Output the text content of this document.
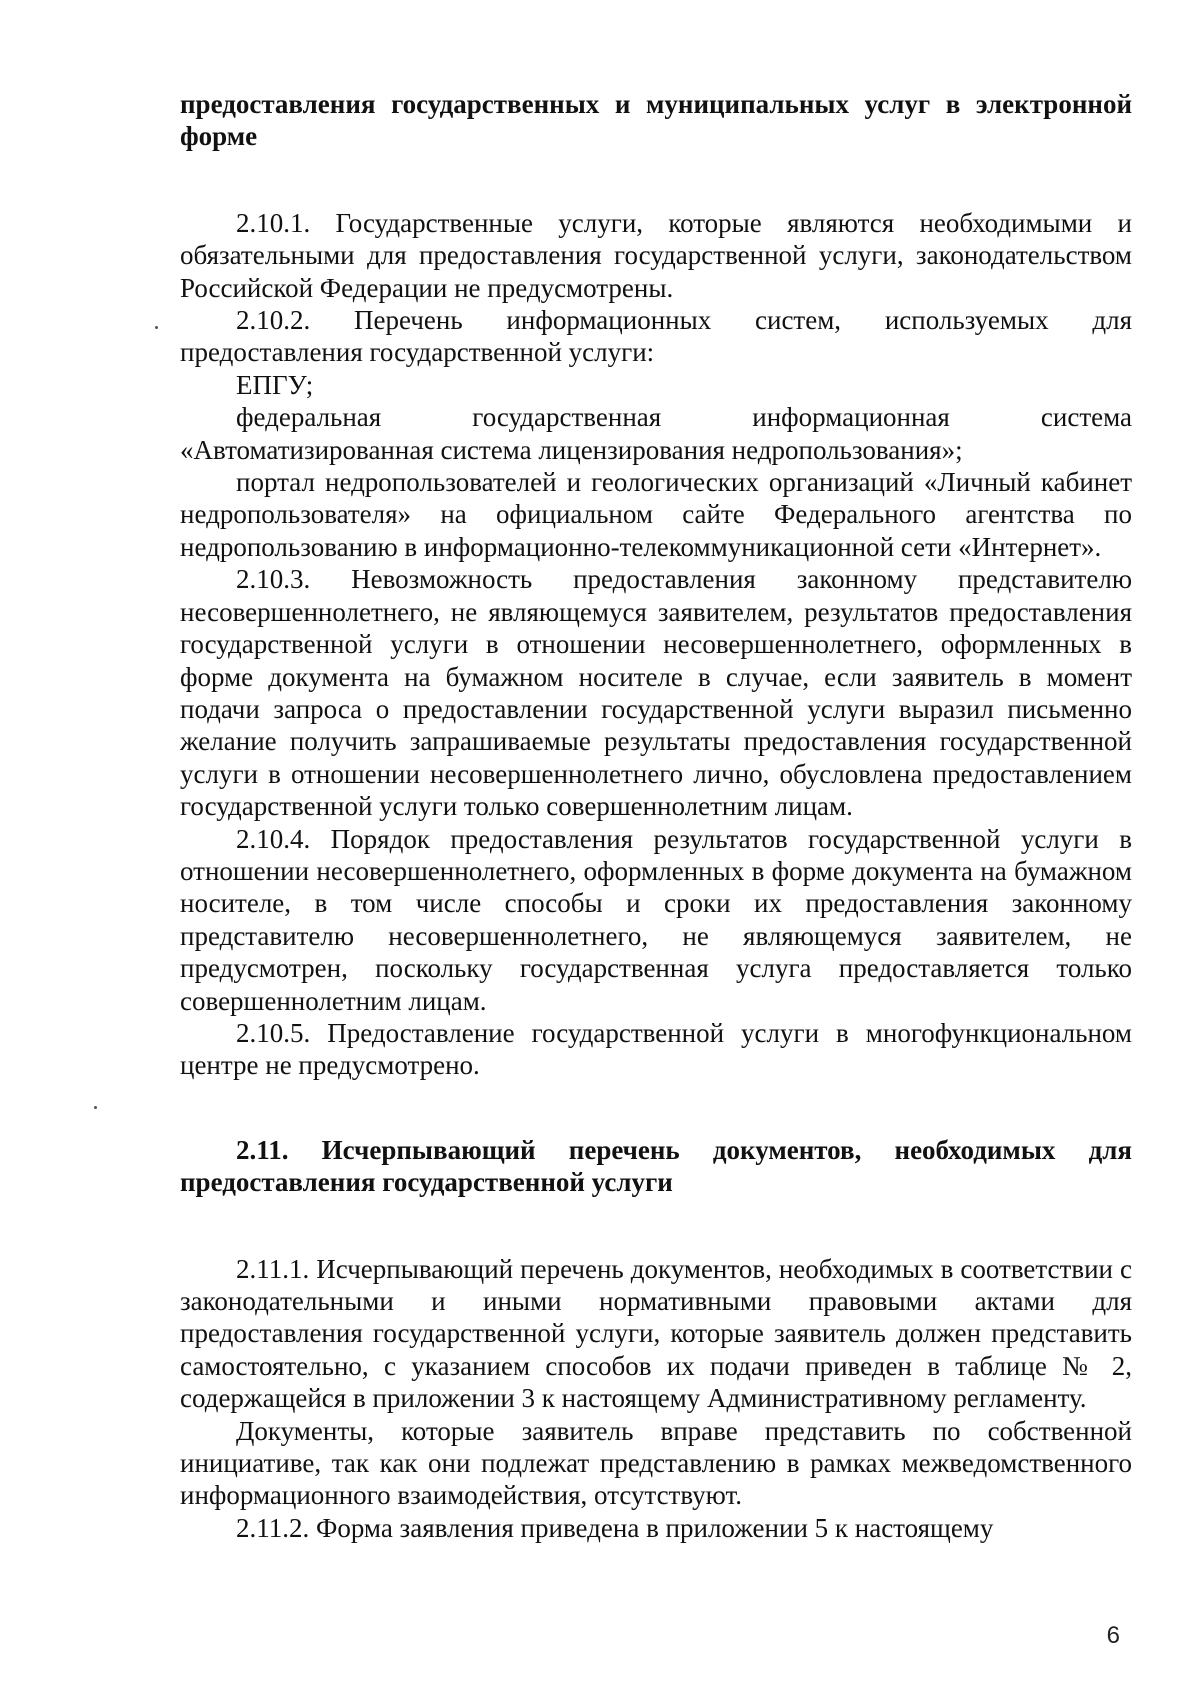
предоставления государственных и муниципальных услуг в электронной форме

2.10.1. Государственные услуги, которые являются необходимыми и обязательными для предоставления государственной услуги, законодательством Российской Федерации не предусмотрены.

2.10.2. Перечень информационных систем, используемых для предоставления государственной услуги:

ЕПГУ;

федеральная государственная информационная система «Автоматизированная система лицензирования недропользования»;

портал недропользователей и геологических организаций «Личный кабинет недропользователя» на официальном сайте Федерального агентства по недропользованию в информационно-телекоммуникационной сети «Интернет».

2.10.3. Невозможность предоставления законному представителю несовершеннолетнего, не являющемуся заявителем, результатов предоставления государственной услуги в отношении несовершеннолетнего, оформленных в форме документа на бумажном носителе в случае, если заявитель в момент подачи запроса о предоставлении государственной услуги выразил письменно желание получить запрашиваемые результаты предоставления государственной услуги в отношении несовершеннолетнего лично, обусловлена предоставлением государственной услуги только совершеннолетним лицам.

2.10.4. Порядок предоставления результатов государственной услуги в отношении несовершеннолетнего, оформленных в форме документа на бумажном носителе, в том числе способы и сроки их предоставления законному представителю несовершеннолетнего, не являющемуся заявителем, не предусмотрен, поскольку государственная услуга предоставляется только совершеннолетним лицам.

2.10.5. Предоставление государственной услуги в многофункциональном центре не предусмотрено.

2.11. Исчерпывающий перечень документов, необходимых для предоставления государственной услуги

2.11.1. Исчерпывающий перечень документов, необходимых в соответствии с законодательными и иными нормативными правовыми актами для предоставления государственной услуги, которые заявитель должен представить самостоятельно, с указанием способов их подачи приведен в таблице № 2, содержащейся в приложении 3 к настоящему Административному регламенту.

Документы, которые заявитель вправе представить по собственной инициативе, так как они подлежат представлению в рамках межведомственного информационного взаимодействия, отсутствуют.

2.11.2. Форма заявления приведена в приложении 5 к настоящему

6
